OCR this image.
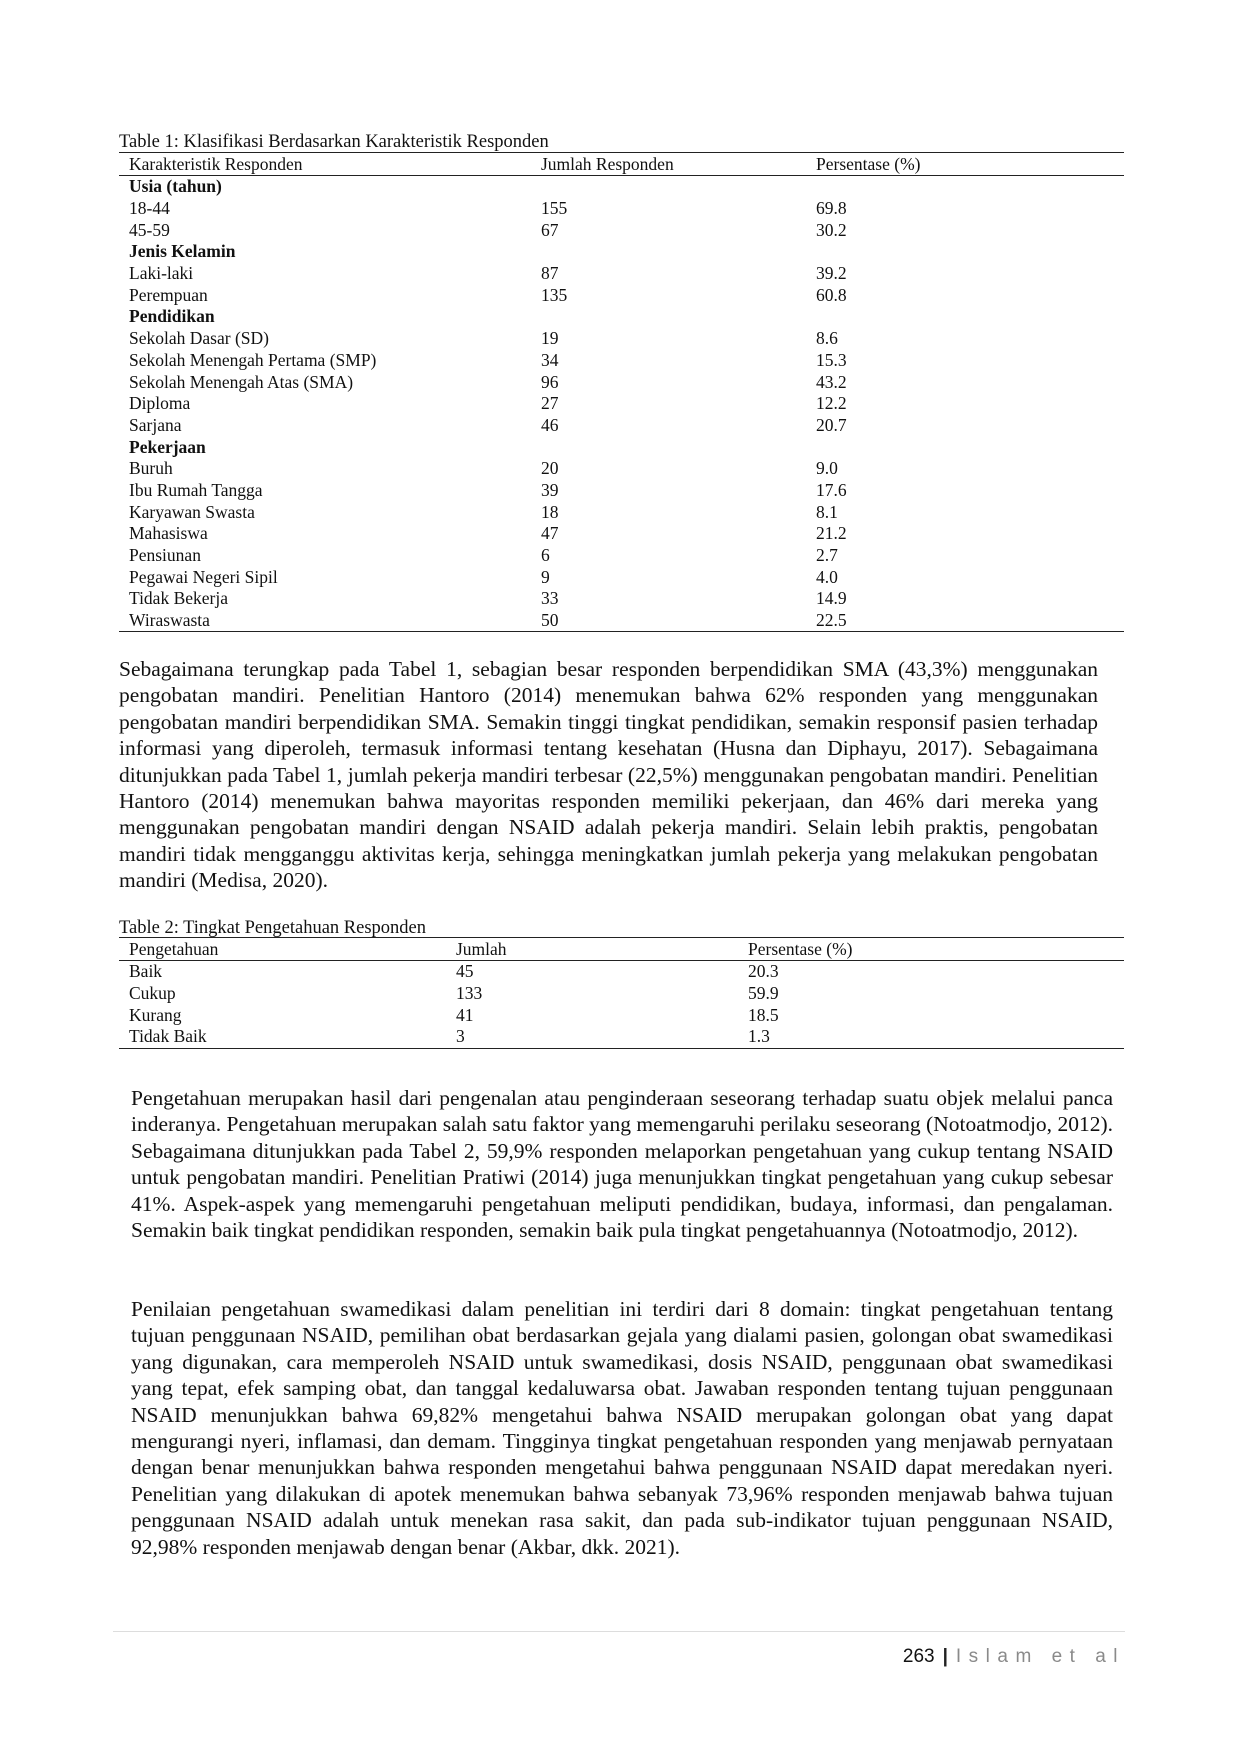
Table 1: Klasifikasi Berdasarkan Karakteristik Responden
Karakteristik Responden	Jumlah Responden	Persentase (%)
Usia (tahun)		
18-44	155	69.8
45-59	67	30.2
Jenis Kelamin		
Laki-laki	87	39.2
Perempuan	135	60.8
Pendidikan		
Sekolah Dasar (SD)	19	8.6
Sekolah Menengah Pertama (SMP)	34	15.3
Sekolah Menengah Atas (SMA)	96	43.2
Diploma	27	12.2
Sarjana	46	20.7
Pekerjaan		
Buruh	20	9.0
Ibu Rumah Tangga	39	17.6
Karyawan Swasta	18	8.1
Mahasiswa	47	21.2
Pensiunan	6	2.7
Pegawai Negeri Sipil	9	4.0
Tidak Bekerja	33	14.9
Wiraswasta	50	22.5

Sebagaimana terungkap pada Tabel 1, sebagian besar responden berpendidikan SMA (43,3%) menggunakan pengobatan mandiri. Penelitian Hantoro (2014) menemukan bahwa 62% responden yang menggunakan pengobatan mandiri berpendidikan SMA. Semakin tinggi tingkat pendidikan, semakin responsif pasien terhadap informasi yang diperoleh, termasuk informasi tentang kesehatan (Husna dan Diphayu, 2017). Sebagaimana ditunjukkan pada Tabel 1, jumlah pekerja mandiri terbesar (22,5%) menggunakan pengobatan mandiri. Penelitian Hantoro (2014) menemukan bahwa mayoritas responden memiliki pekerjaan, dan 46% dari mereka yang menggunakan pengobatan mandiri dengan NSAID adalah pekerja mandiri. Selain lebih praktis, pengobatan mandiri tidak mengganggu aktivitas kerja, sehingga meningkatkan jumlah pekerja yang melakukan pengobatan mandiri (Medisa, 2020).

Table 2: Tingkat Pengetahuan Responden
Pengetahuan	Jumlah	Persentase (%)
Baik	45	20.3
Cukup	133	59.9
Kurang	41	18.5
Tidak Baik	3	1.3

Pengetahuan merupakan hasil dari pengenalan atau penginderaan seseorang terhadap suatu objek melalui panca inderanya. Pengetahuan merupakan salah satu faktor yang memengaruhi perilaku seseorang (Notoatmodjo, 2012). Sebagaimana ditunjukkan pada Tabel 2, 59,9% responden melaporkan pengetahuan yang cukup tentang NSAID untuk pengobatan mandiri. Penelitian Pratiwi (2014) juga menunjukkan tingkat pengetahuan yang cukup sebesar 41%. Aspek-aspek yang memengaruhi pengetahuan meliputi pendidikan, budaya, informasi, dan pengalaman. Semakin baik tingkat pendidikan responden, semakin baik pula tingkat pengetahuannya (Notoatmodjo, 2012).

Penilaian pengetahuan swamedikasi dalam penelitian ini terdiri dari 8 domain: tingkat pengetahuan tentang tujuan penggunaan NSAID, pemilihan obat berdasarkan gejala yang dialami pasien, golongan obat swamedikasi yang digunakan, cara memperoleh NSAID untuk swamedikasi, dosis NSAID, penggunaan obat swamedikasi yang tepat, efek samping obat, dan tanggal kedaluwarsa obat. Jawaban responden tentang tujuan penggunaan NSAID menunjukkan bahwa 69,82% mengetahui bahwa NSAID merupakan golongan obat yang dapat mengurangi nyeri, inflamasi, dan demam. Tingginya tingkat pengetahuan responden yang menjawab pernyataan dengan benar menunjukkan bahwa responden mengetahui bahwa penggunaan NSAID dapat meredakan nyeri. Penelitian yang dilakukan di apotek menemukan bahwa sebanyak 73,96% responden menjawab bahwa tujuan penggunaan NSAID adalah untuk menekan rasa sakit, dan pada sub-indikator tujuan penggunaan NSAID, 92,98% responden menjawab dengan benar (Akbar, dkk. 2021).

263 | Islam et al
